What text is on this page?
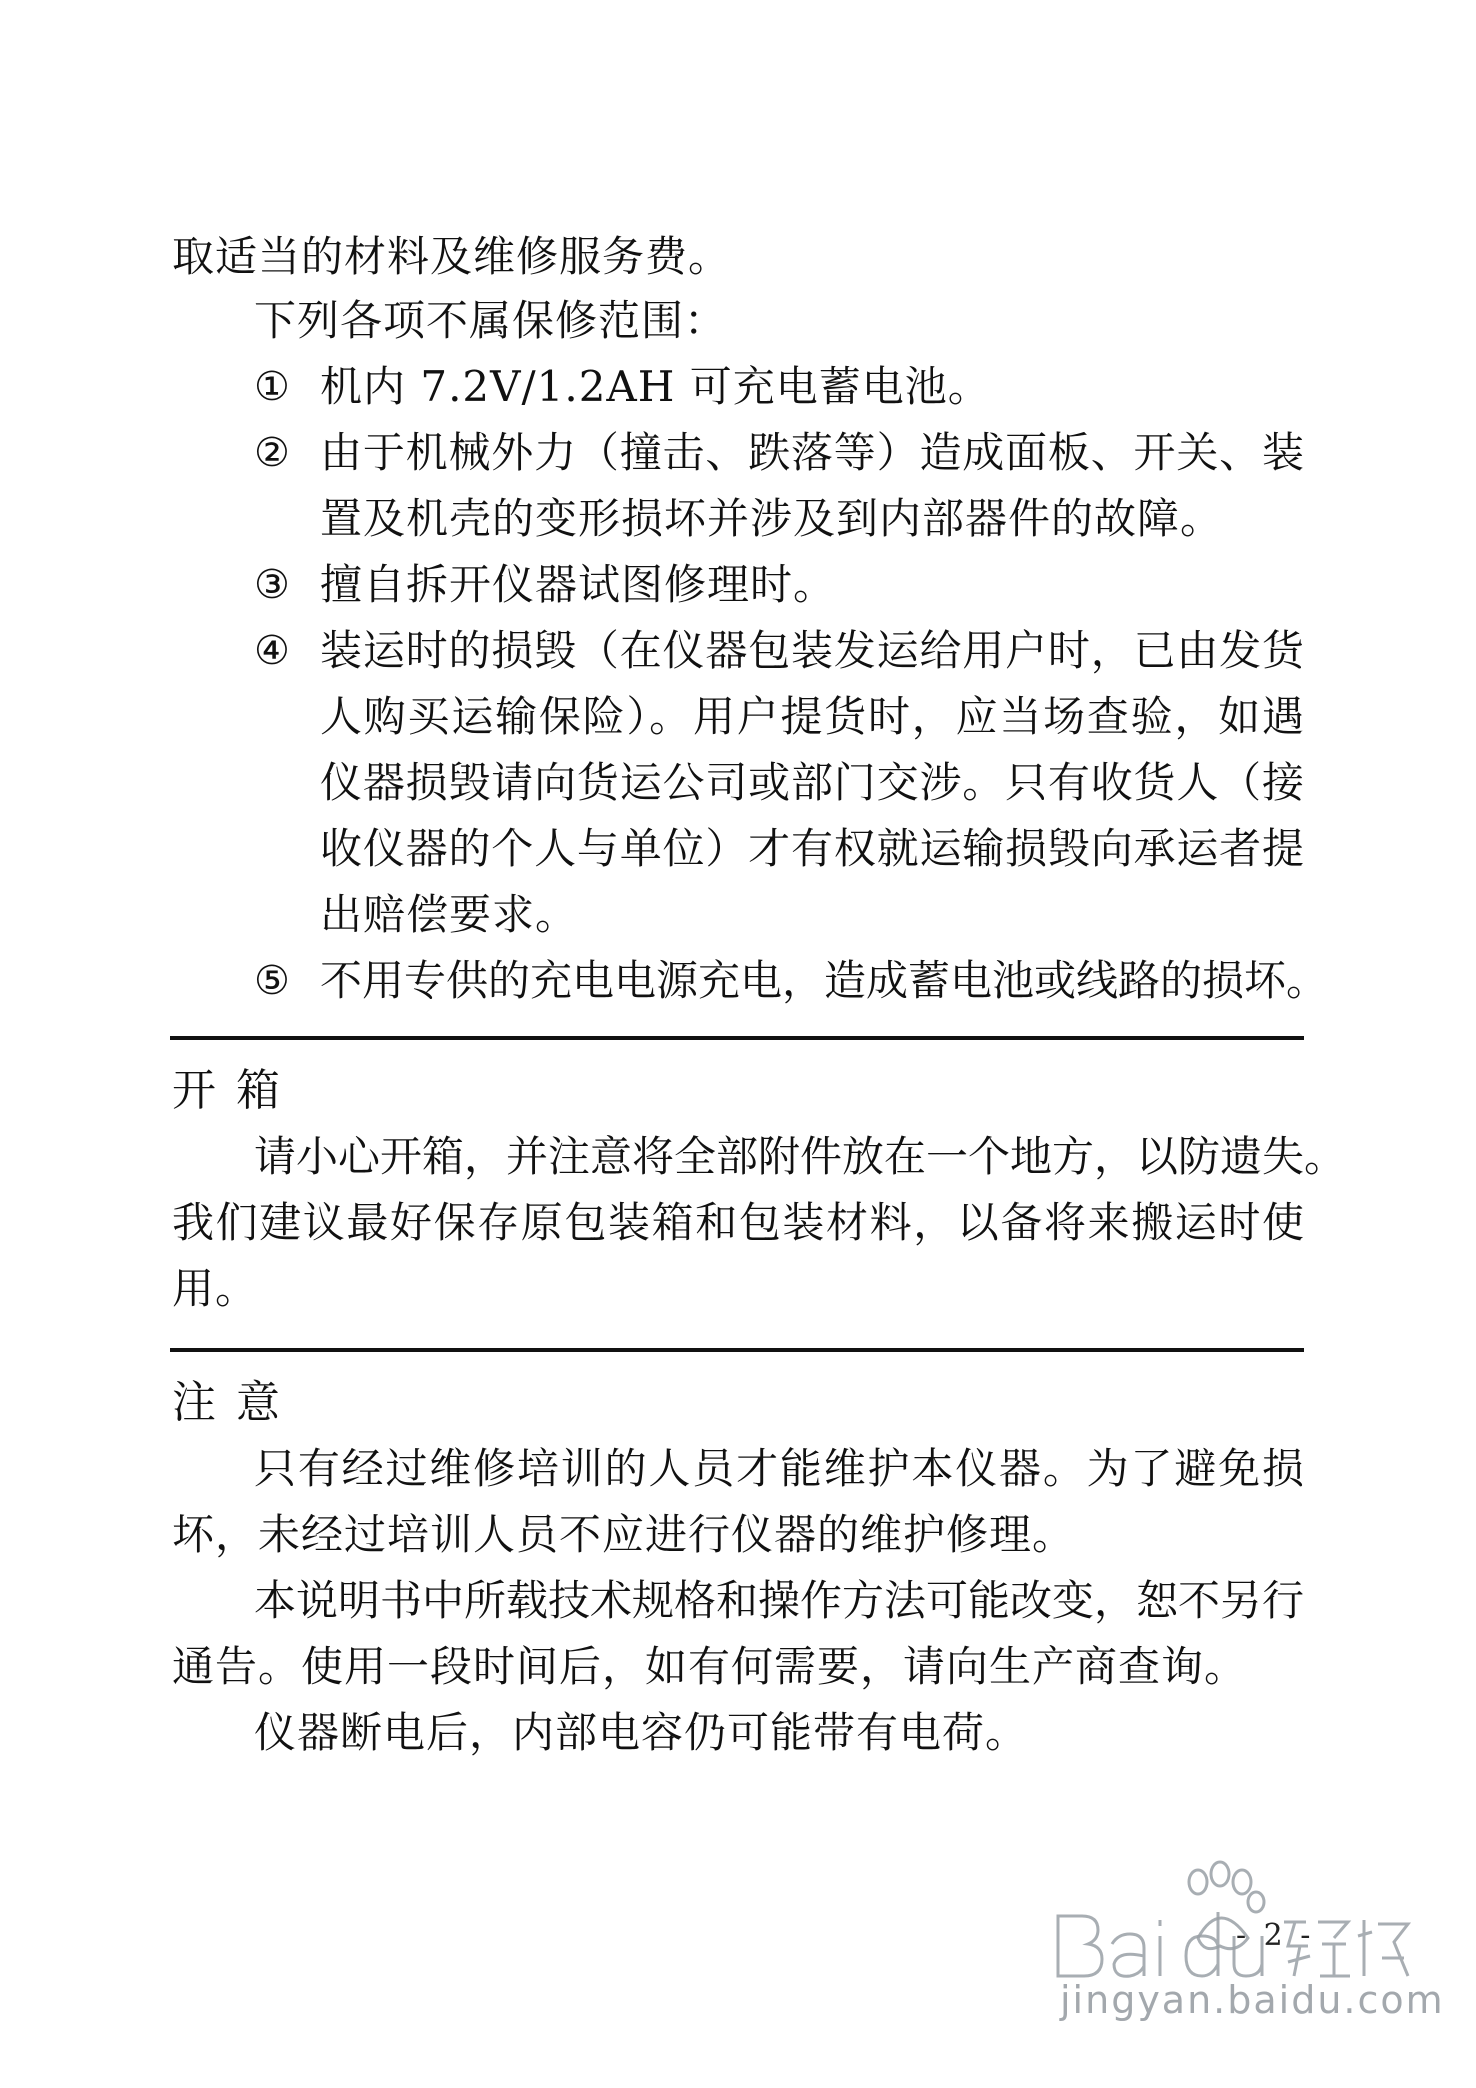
取适当的材料及维修服务费。
下列各项不属保修范围：
① 机内 7.2V/1.2AH 可充电蓄电池。
② 由于机械外力（撞击、跌落等）造成面板、开关、装
置及机壳的变形损坏并涉及到内部器件的故障。
③ 擅自拆开仪器试图修理时。
④ 装运时的损毁（在仪器包装发运给用户时，已由发货
人购买运输保险）。用户提货时，应当场查验，如遇
仪器损毁请向货运公司或部门交涉。只有收货人（接
收仪器的个人与单位）才有权就运输损毁向承运者提
出赔偿要求。
⑤ 不用专供的充电电源充电，造成蓄电池或线路的损坏。
开箱
请小心开箱，并注意将全部附件放在一个地方，以防遗失。
我们建议最好保存原包装箱和包装材料，以备将来搬运时使
用。
注意
只有经过维修培训的人员才能维护本仪器。为了避免损
坏，未经过培训人员不应进行仪器的维护修理。
本说明书中所载技术规格和操作方法可能改变，恕不另行
通告。使用一段时间后，如有何需要，请向生产商查询。
仪器断电后，内部电容仍可能带有电荷。
- 2 -
jingyan.baidu.com
